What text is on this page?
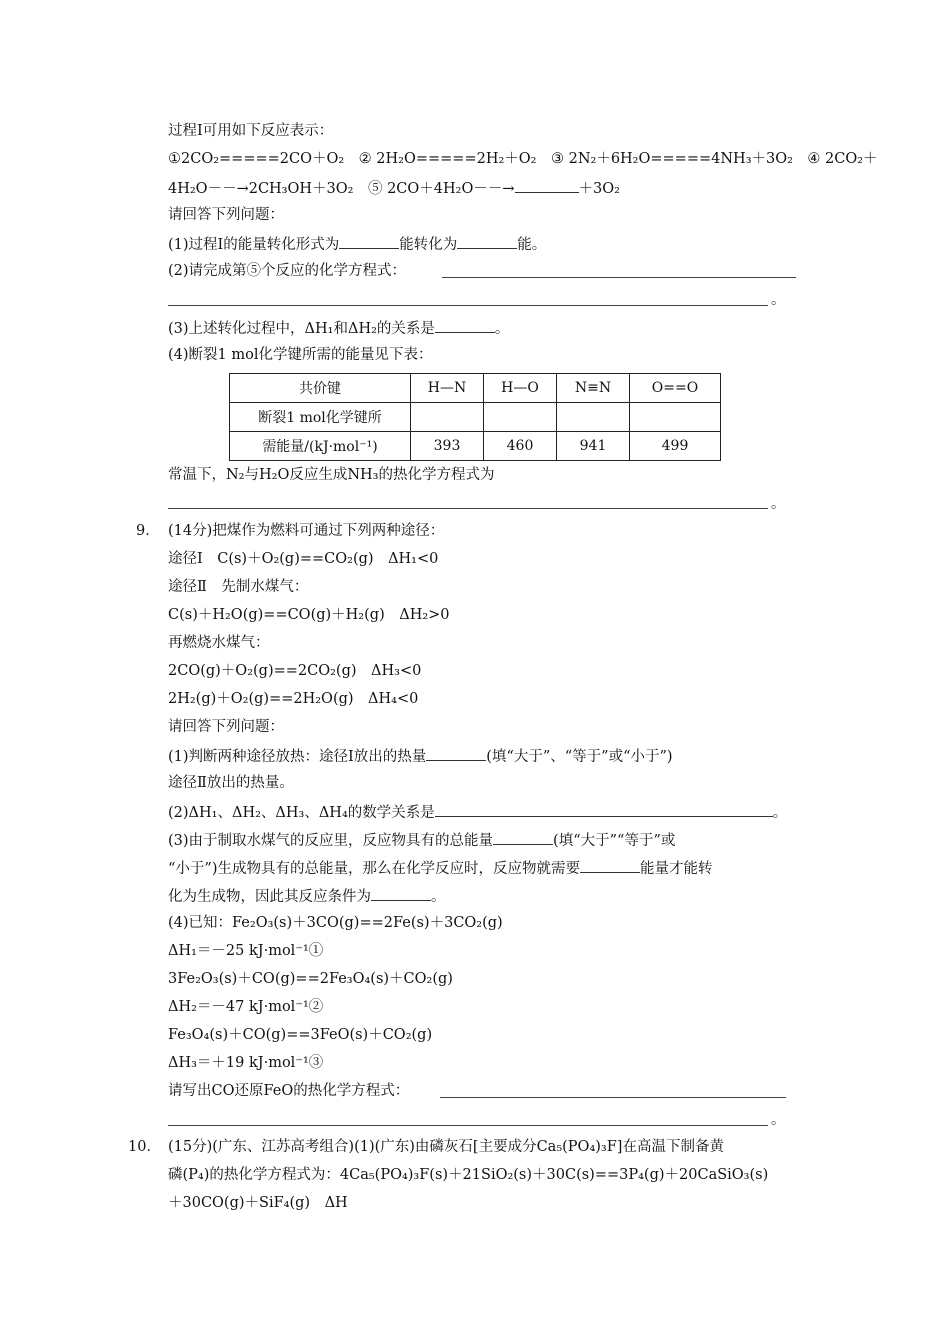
过程Ⅰ可用如下反应表示：
①2CO₂=====2CO＋O₂　② 2H₂O=====2H₂＋O₂　③ 2N₂＋6H₂O=====4NH₃＋3O₂　④ 2CO₂＋
4H₂O－－→2CH₃OH＋3O₂　⑤ 2CO＋4H₂O－－→	＋3O₂
请回答下列问题：
(1)过程Ⅰ的能量转化形式为	能转化为	能。
(2)请完成第⑤个反应的化学方程式：
。
(3)上述转化过程中，ΔH₁和ΔH₂的关系是	。
(4)断裂1 mol化学键所需的能量见下表：
共价键	H—N	H—O	N≡N	O==O
断裂1 mol化学键所				
需能量/(kJ·mol⁻¹)	393	460	941	499
常温下，N₂与H₂O反应生成NH₃的热化学方程式为
。
9． (14分)把煤作为燃料可通过下列两种途径：
途径Ⅰ　C(s)＋O₂(g)==CO₂(g)　ΔH₁<0
途径Ⅱ　先制水煤气：
C(s)＋H₂O(g)==CO(g)＋H₂(g)　ΔH₂>0
再燃烧水煤气：
2CO(g)＋O₂(g)==2CO₂(g)　ΔH₃<0
2H₂(g)＋O₂(g)==2H₂O(g)　ΔH₄<0
请回答下列问题：
(1)判断两种途径放热：途径Ⅰ放出的热量	(填“大于”、“等于”或“小于”)
途径Ⅱ放出的热量。
(2)ΔH₁、ΔH₂、ΔH₃、ΔH₄的数学关系是	。
(3)由于制取水煤气的反应里，反应物具有的总能量	(填“大于”“等于”或
“小于”)生成物具有的总能量，那么在化学反应时，反应物就需要	能量才能转
化为生成物，因此其反应条件为	。
(4)已知：Fe₂O₃(s)＋3CO(g)==2Fe(s)＋3CO₂(g)
ΔH₁＝－25 kJ·mol⁻¹①
3Fe₂O₃(s)＋CO(g)==2Fe₃O₄(s)＋CO₂(g)
ΔH₂＝－47 kJ·mol⁻¹②
Fe₃O₄(s)＋CO(g)==3FeO(s)＋CO₂(g)
ΔH₃＝＋19 kJ·mol⁻¹③
请写出CO还原FeO的热化学方程式：
。
10． (15分)(广东、江苏高考组合)(1)(广东)由磷灰石[主要成分Ca₅(PO₄)₃F]在高温下制备黄
磷(P₄)的热化学方程式为：4Ca₅(PO₄)₃F(s)＋21SiO₂(s)＋30C(s)==3P₄(g)＋20CaSiO₃(s)
＋30CO(g)＋SiF₄(g)　ΔH
